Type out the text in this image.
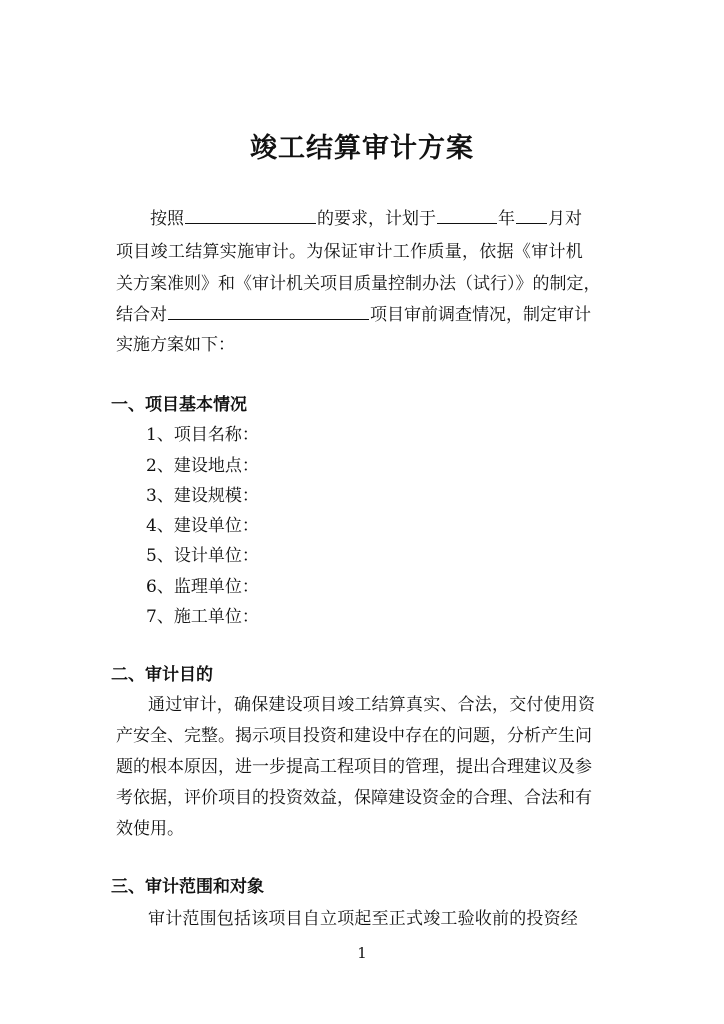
竣工结算审计方案
按照	的要求，计划于	年 月对
项目竣工结算实施审计。为保证审计工作质量，依据《审计机
关方案准则》和《审计机关项目质量控制办法（试行）》的制定，
结合对	项目审前调查情况，制定审计
实施方案如下：
一、项目基本情况
1、项目名称：
2、建设地点：
3、建设规模：
4、建设单位：
5、设计单位：
6、监理单位：
7、施工单位：
二、审计目的
通过审计，确保建设项目竣工结算真实、合法，交付使用资
产安全、完整。揭示项目投资和建设中存在的问题，分析产生问
题的根本原因，进一步提高工程项目的管理，提出合理建议及参
考依据，评价项目的投资效益，保障建设资金的合理、合法和有
效使用。
三、审计范围和对象
审计范围包括该项目自立项起至正式竣工验收前的投资经
1
